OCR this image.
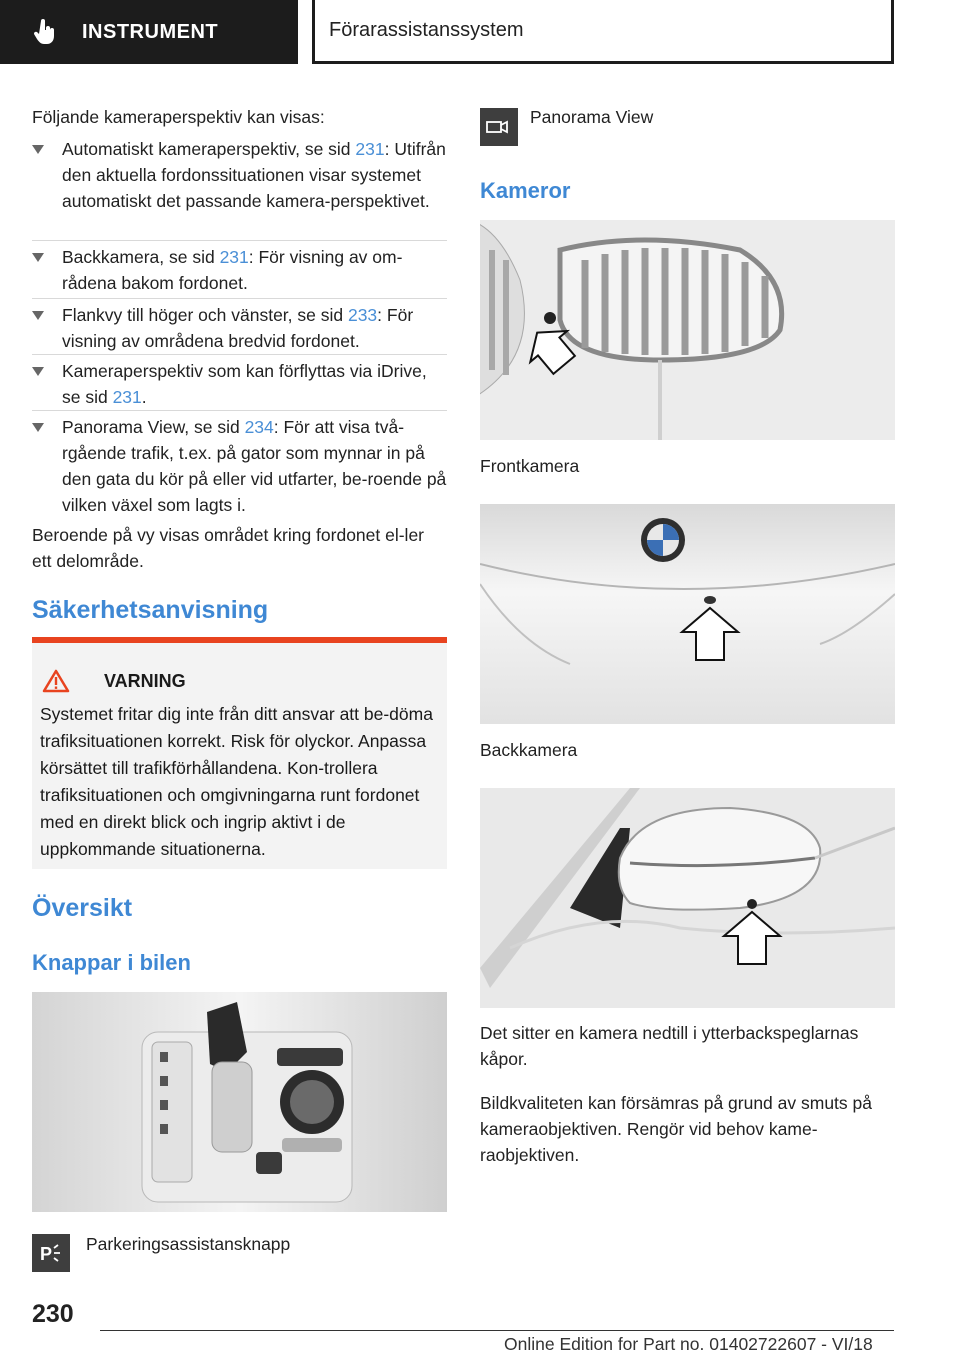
INSTRUMENT	Förarassistanssystem
Följande kameraperspektiv kan visas:
Automatiskt kameraperspektiv, se sid 231: Utifrån den aktuella fordonssituationen visar systemet automatiskt det passande kamera-perspektivet.
Backkamera, se sid 231: För visning av om-rådena bakom fordonet.
Flankvy till höger och vänster, se sid 233: För visning av områdena bredvid fordonet.
Kameraperspektiv som kan förflyttas via iDrive, se sid 231.
Panorama View, se sid 234: För att visa två-rgående trafik, t.ex. på gator som mynnar in på den gata du kör på eller vid utfarter, be-roende på vilken växel som lagts i.
Beroende på vy visas området kring fordonet el-ler ett delområde.
Säkerhetsanvisning
VARNING
Systemet fritar dig inte från ditt ansvar att be-döma trafiksituationen korrekt. Risk för olyckor. Anpassa körsättet till trafikförhållandena. Kon-trollera trafiksituationen och omgivningarna runt fordonet med en direkt blick och ingrip aktivt i de uppkommande situationerna.
Översikt
Knappar i bilen
P Parkeringsassistansknapp
Panorama View
Kameror
Frontkamera
Backkamera
Det sitter en kamera nedtill i ytterbackspeglarnas kåpor.
Bildkvaliteten kan försämras på grund av smuts på kameraobjektiven. Rengör vid behov kame-raobjektiven.
230
Online Edition for Part no. 01402722607 - VI/18
